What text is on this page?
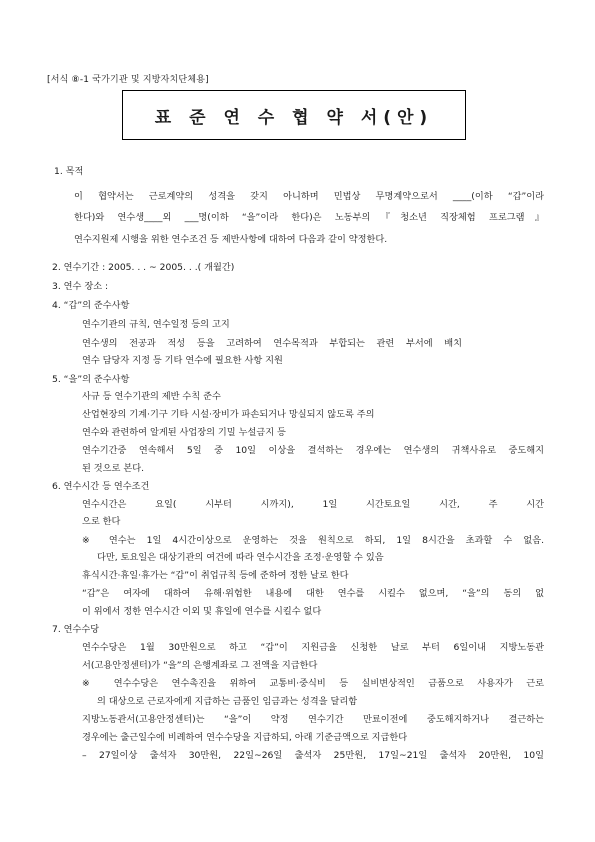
[서식 ⑧-1 국가기관 및 지방자치단체용]
표 준 연 수 협 약 서(안)
1. 목적
이 협약서는 근로계약의 성격을 갖지 아니하며 민법상 무명계약으로서 ____(이하 “갑”이라
한다)와 연수생____외 ___명(이하 “을”이라 한다)은 노동부의『청소년 직장체험 프로그램』
연수지원제 시행을 위한 연수조건 등 제반사항에 대하여 다음과 같이 약정한다.
2. 연수기간 : 2005. . . ~ 2005. . .( 개월간)
3. 연수 장소 :
4. “갑”의 준수사항
연수기관의 규칙, 연수일정 등의 고지
연수생의 전공과 적성 등을 고려하여 연수목적과 부합되는 관련 부서에 배치
연수 담당자 지정 등 기타 연수에 필요한 사항 지원
5. “을”의 준수사항
사규 등 연수기관의 제반 수칙 준수
산업현장의 기계·기구 기타 시설·장비가 파손되거나 망실되지 않도록 주의
연수와 관련하여 알게된 사업장의 기밀 누설금지 등
연수기간중 연속해서 5일 중 10일 이상을 결석하는 경우에는 연수생의 귀책사유로 중도해지
된 것으로 본다.
6. 연수시간 등 연수조건
연수시간은 요일( 시부터 시까지), 1일 시간토요일 시간, 주 시간
으로 한다
※ 연수는 1일 4시간이상으로 운영하는 것을 원칙으로 하되, 1일 8시간을 초과할 수 없음.
다만, 토요일은 대상기관의 여건에 따라 연수시간을 조정·운영할 수 있음
휴식시간·휴일·휴가는 “갑”이 취업규칙 등에 준하여 정한 날로 한다
“갑”은 여자에 대하여 유해·위험한 내용에 대한 연수를 시킬수 없으며, “을”의 동의 없
이 위에서 정한 연수시간 이외 및 휴일에 연수를 시킬수 없다
7. 연수수당
연수수당은 1월 30만원으로 하고 “갑”이 지원금을 신청한 날로 부터 6일이내 지방노동관
서(고용안정센터)가 “을”의 은행계좌로 그 전액을 지급한다
※ 연수수당은 연수촉진을 위하여 교통비·중식비 등 실비변상적인 금품으로 사용자가 근로
의 대상으로 근로자에게 지급하는 금품인 임금과는 성격을 달리함
지방노동관서(고용안정센터)는 “을”이 약정 연수기간 만료이전에 중도해지하거나 결근하는
경우에는 출근일수에 비례하여 연수수당을 지급하되, 아래 기준금액으로 지급한다
– 27일이상 출석자 30만원, 22일~26일 출석자 25만원, 17일~21일 출석자 20만원, 10일
